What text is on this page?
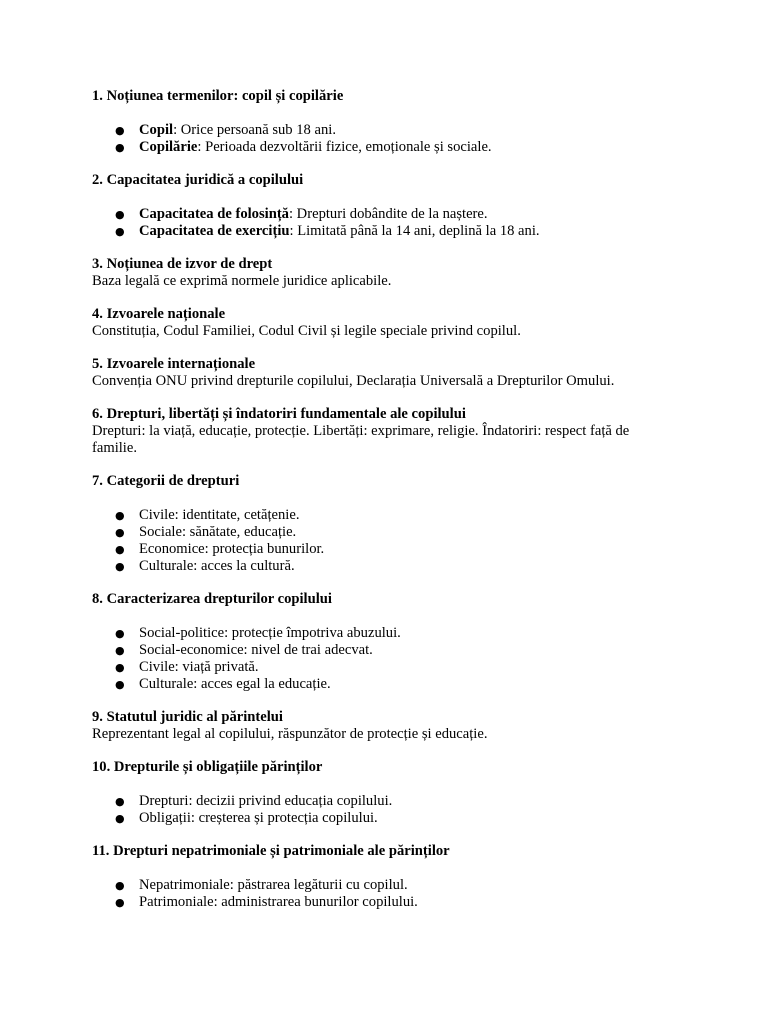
1. Noțiunea termenilor: copil și copilărie

● Copil: Orice persoană sub 18 ani.
● Copilărie: Perioada dezvoltării fizice, emoționale și sociale.

2. Capacitatea juridică a copilului

● Capacitatea de folosință: Drepturi dobândite de la naștere.
● Capacitatea de exercițiu: Limitată până la 14 ani, deplină la 18 ani.

3. Noțiunea de izvor de drept

Baza legală ce exprimă normele juridice aplicabile.

4. Izvoarele naționale

Constituția, Codul Familiei, Codul Civil și legile speciale privind copilul.

5. Izvoarele internaționale

Convenția ONU privind drepturile copilului, Declarația Universală a Drepturilor Omului.

6. Drepturi, libertăți și îndatoriri fundamentale ale copilului

Drepturi: la viață, educație, protecție. Libertăți: exprimare, religie. Îndatoriri: respect față de familie.

7. Categorii de drepturi

● Civile: identitate, cetățenie.
● Sociale: sănătate, educație.
● Economice: protecția bunurilor.
● Culturale: acces la cultură.

8. Caracterizarea drepturilor copilului

● Social-politice: protecție împotriva abuzului.
● Social-economice: nivel de trai adecvat.
● Civile: viață privată.
● Culturale: acces egal la educație.

9. Statutul juridic al părintelui

Reprezentant legal al copilului, răspunzător de protecție și educație.

10. Drepturile și obligațiile părinților

● Drepturi: decizii privind educația copilului.
● Obligații: creșterea și protecția copilului.

11. Drepturi nepatrimoniale și patrimoniale ale părinților

● Nepatrimoniale: păstrarea legăturii cu copilul.
● Patrimoniale: administrarea bunurilor copilului.
